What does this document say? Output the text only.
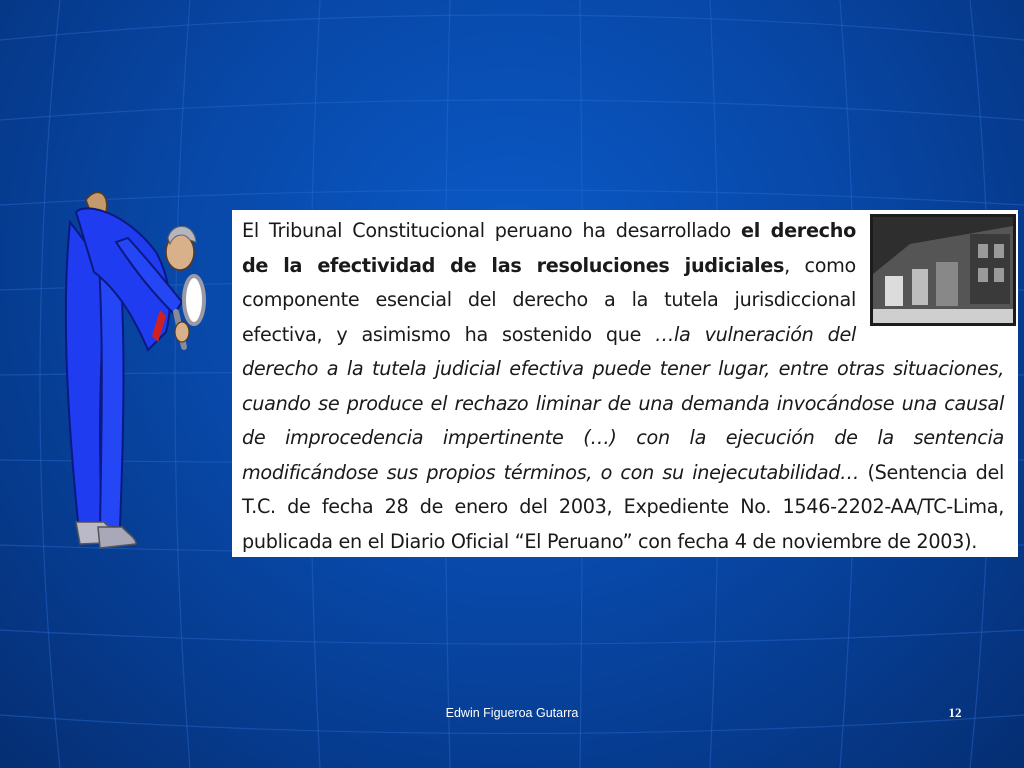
El Tribunal Constitucional peruano ha desarrollado el derecho de la efectividad de las resoluciones judiciales, como componente esencial del derecho a la tutela jurisdiccional efectiva, y asimismo ha sostenido que …la vulneración del derecho a la tutela judicial efectiva puede tener lugar, entre otras situaciones, cuando se produce el rechazo liminar de una demanda invocándose una causal de improcedencia impertinente (…) con la ejecución de la sentencia modificándose sus propios términos, o con su inejecutabilidad… (Sentencia del T.C. de fecha 28 de enero del 2003, Expediente No. 1546-2202-AA/TC-Lima, publicada en el Diario Oficial “El Peruano” con fecha 4 de noviembre de 2003).
Edwin Figueroa Gutarra	12
